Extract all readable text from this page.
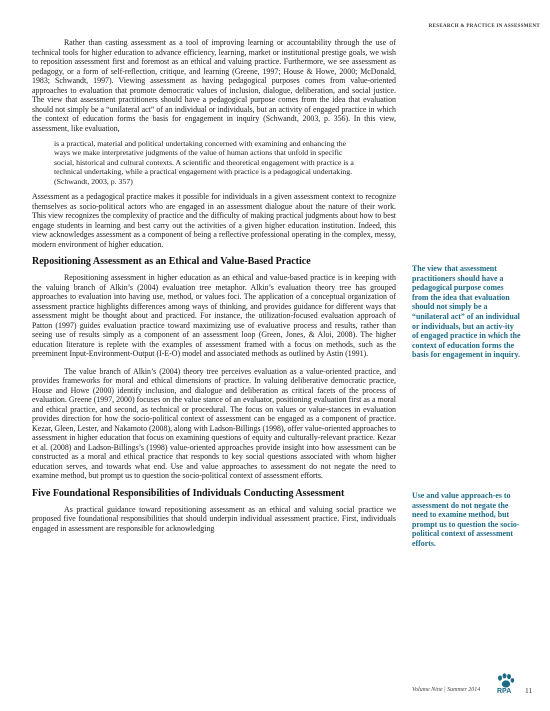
RESEARCH & PRACTICE IN ASSESSMENT

Rather than casting assessment as a tool of improving learning or accountability through the use of technical tools for higher education to advance efficiency, learning, market or institutional prestige goals, we wish to reposition assessment first and foremost as an ethical and valuing practice. Furthermore, we see assessment as pedagogy, or a form of self-reflection, critique, and learning (Greene, 1997; House & Howe, 2000; McDonald, 1983; Schwandt, 1997). Viewing assessment as having pedagogical purposes comes from value-oriented approaches to evaluation that promote democratic values of inclusion, dialogue, deliberation, and social justice. The view that assessment practitioners should have a pedagogical purpose comes from the idea that evaluation should not simply be a “unilateral act” of an individual or individuals, but an activity of engaged practice in which the context of education forms the basis for engagement in inquiry (Schwandt, 2003, p. 356). In this view, assessment, like evaluation,

is a practical, material and political undertaking concerned with examining and enhancing the ways we make interpretative judgments of the value of human actions that unfold in specific social, historical and cultural contexts. A scientific and theoretical engagement with practice is a technical undertaking, while a practical engagement with practice is a pedagogical undertaking. (Schwandt, 2003, p. 357)

Assessment as a pedagogical practice makes it possible for individuals in a given assessment context to recognize themselves as socio-political actors who are engaged in an assessment dialogue about the nature of their work. This view recognizes the complexity of practice and the difficulty of making practical judgments about how to best engage students in learning and best carry out the activities of a given higher education institution. Indeed, this view acknowledges assessment as a component of being a reflective professional operating in the complex, messy, modern environment of higher education.

Repositioning Assessment as an Ethical and Value-Based Practice

Repositioning assessment in higher education as an ethical and value-based practice is in keeping with the valuing branch of Alkin’s (2004) evaluation tree metaphor. Alkin’s evaluation theory tree has grouped approaches to evaluation into having use, method, or values foci. The application of a conceptual organization of assessment practice highlights differences among ways of thinking, and provides guidance for different ways that assessment might be thought about and practiced. For instance, the utilization-focused evaluation approach of Patton (1997) guides evaluation practice toward maximizing use of evaluative process and results, rather than seeing use of results simply as a component of an assessment loop (Green, Jones, & Aloi, 2008). The higher education literature is replete with the examples of assessment framed with a focus on methods, such as the preeminent Input-Environment-Output (I-E-O) model and associated methods as outlined by Astin (1991).

The value branch of Alkin’s (2004) theory tree perceives evaluation as a value-oriented practice, and provides frameworks for moral and ethical dimensions of practice. In valuing deliberative democratic practice, House and Howe (2000) identify inclusion, and dialogue and deliberation as critical facets of the process of evaluation. Greene (1997, 2000) focuses on the value stance of an evaluator, positioning evaluation first as a moral and ethical practice, and second, as technical or procedural. The focus on values or value-stances in evaluation provides direction for how the socio-political context of assessment can be engaged as a component of practice. Kezar, Gleen, Lester, and Nakamoto (2008), along with Ladson-Billings (1998), offer value-oriented approaches to assessment in higher education that focus on examining questions of equity and culturally-relevant practice. Kezar et al. (2008) and Ladson-Billings’s (1998) value-oriented approaches provide insight into how assessment can be constructed as a moral and ethical practice that responds to key social questions associated with whom higher education serves, and towards what end. Use and value approaches to assessment do not negate the need to examine method, but prompt us to question the socio-political context of assessment efforts.

Five Foundational Responsibilities of Individuals Conducting Assessment

As practical guidance toward repositioning assessment as an ethical and valuing social practice we proposed five foundational responsibilities that should underpin individual assessment practice. First, individuals engaged in assessment are responsible for acknowledging

The view that assessment practitioners should have a pedagogical purpose comes from the idea that evaluation should not simply be a “unilateral act” of an individual or individuals, but an activ-ity of engaged practice in which the context of education forms the basis for engagement in inquiry.
Use and value approach-es to assessment do not negate the need to examine method, but prompt us to question the socio-political context of assessment efforts.
Volume Nine | Summer 2014 RPA 11
